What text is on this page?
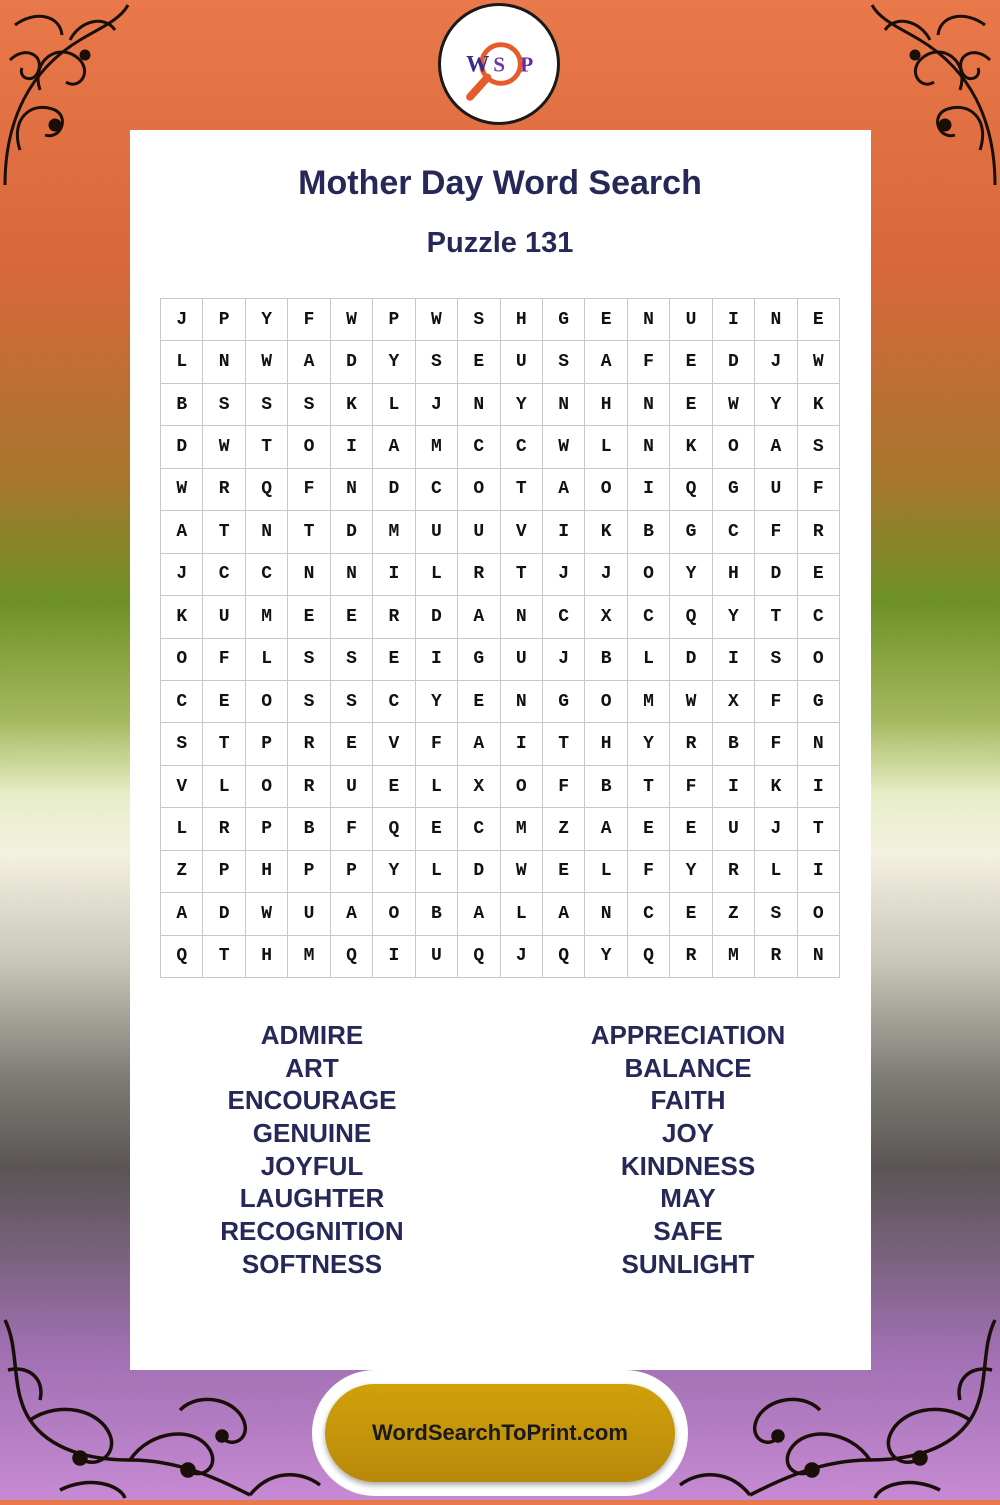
W S P
Mother Day Word Search
Puzzle 131
J	P	Y	F	W	P	W	S	H	G	E	N	U	I	N	E
L	N	W	A	D	Y	S	E	U	S	A	F	E	D	J	W
B	S	S	S	K	L	J	N	Y	N	H	N	E	W	Y	K
D	W	T	O	I	A	M	C	C	W	L	N	K	O	A	S
W	R	Q	F	N	D	C	O	T	A	O	I	Q	G	U	F
A	T	N	T	D	M	U	U	V	I	K	B	G	C	F	R
J	C	C	N	N	I	L	R	T	J	J	O	Y	H	D	E
K	U	M	E	E	R	D	A	N	C	X	C	Q	Y	T	C
O	F	L	S	S	E	I	G	U	J	B	L	D	I	S	O
C	E	O	S	S	C	Y	E	N	G	O	M	W	X	F	G
S	T	P	R	E	V	F	A	I	T	H	Y	R	B	F	N
V	L	O	R	U	E	L	X	O	F	B	T	F	I	K	I
L	R	P	B	F	Q	E	C	M	Z	A	E	E	U	J	T
Z	P	H	P	P	Y	L	D	W	E	L	F	Y	R	L	I
A	D	W	U	A	O	B	A	L	A	N	C	E	Z	S	O
Q	T	H	M	Q	I	U	Q	J	Q	Y	Q	R	M	R	N
ADMIRE
ART
ENCOURAGE
GENUINE
JOYFUL
LAUGHTER
RECOGNITION
SOFTNESS
APPRECIATION
BALANCE
FAITH
JOY
KINDNESS
MAY
SAFE
SUNLIGHT
WordSearchToPrint.com
